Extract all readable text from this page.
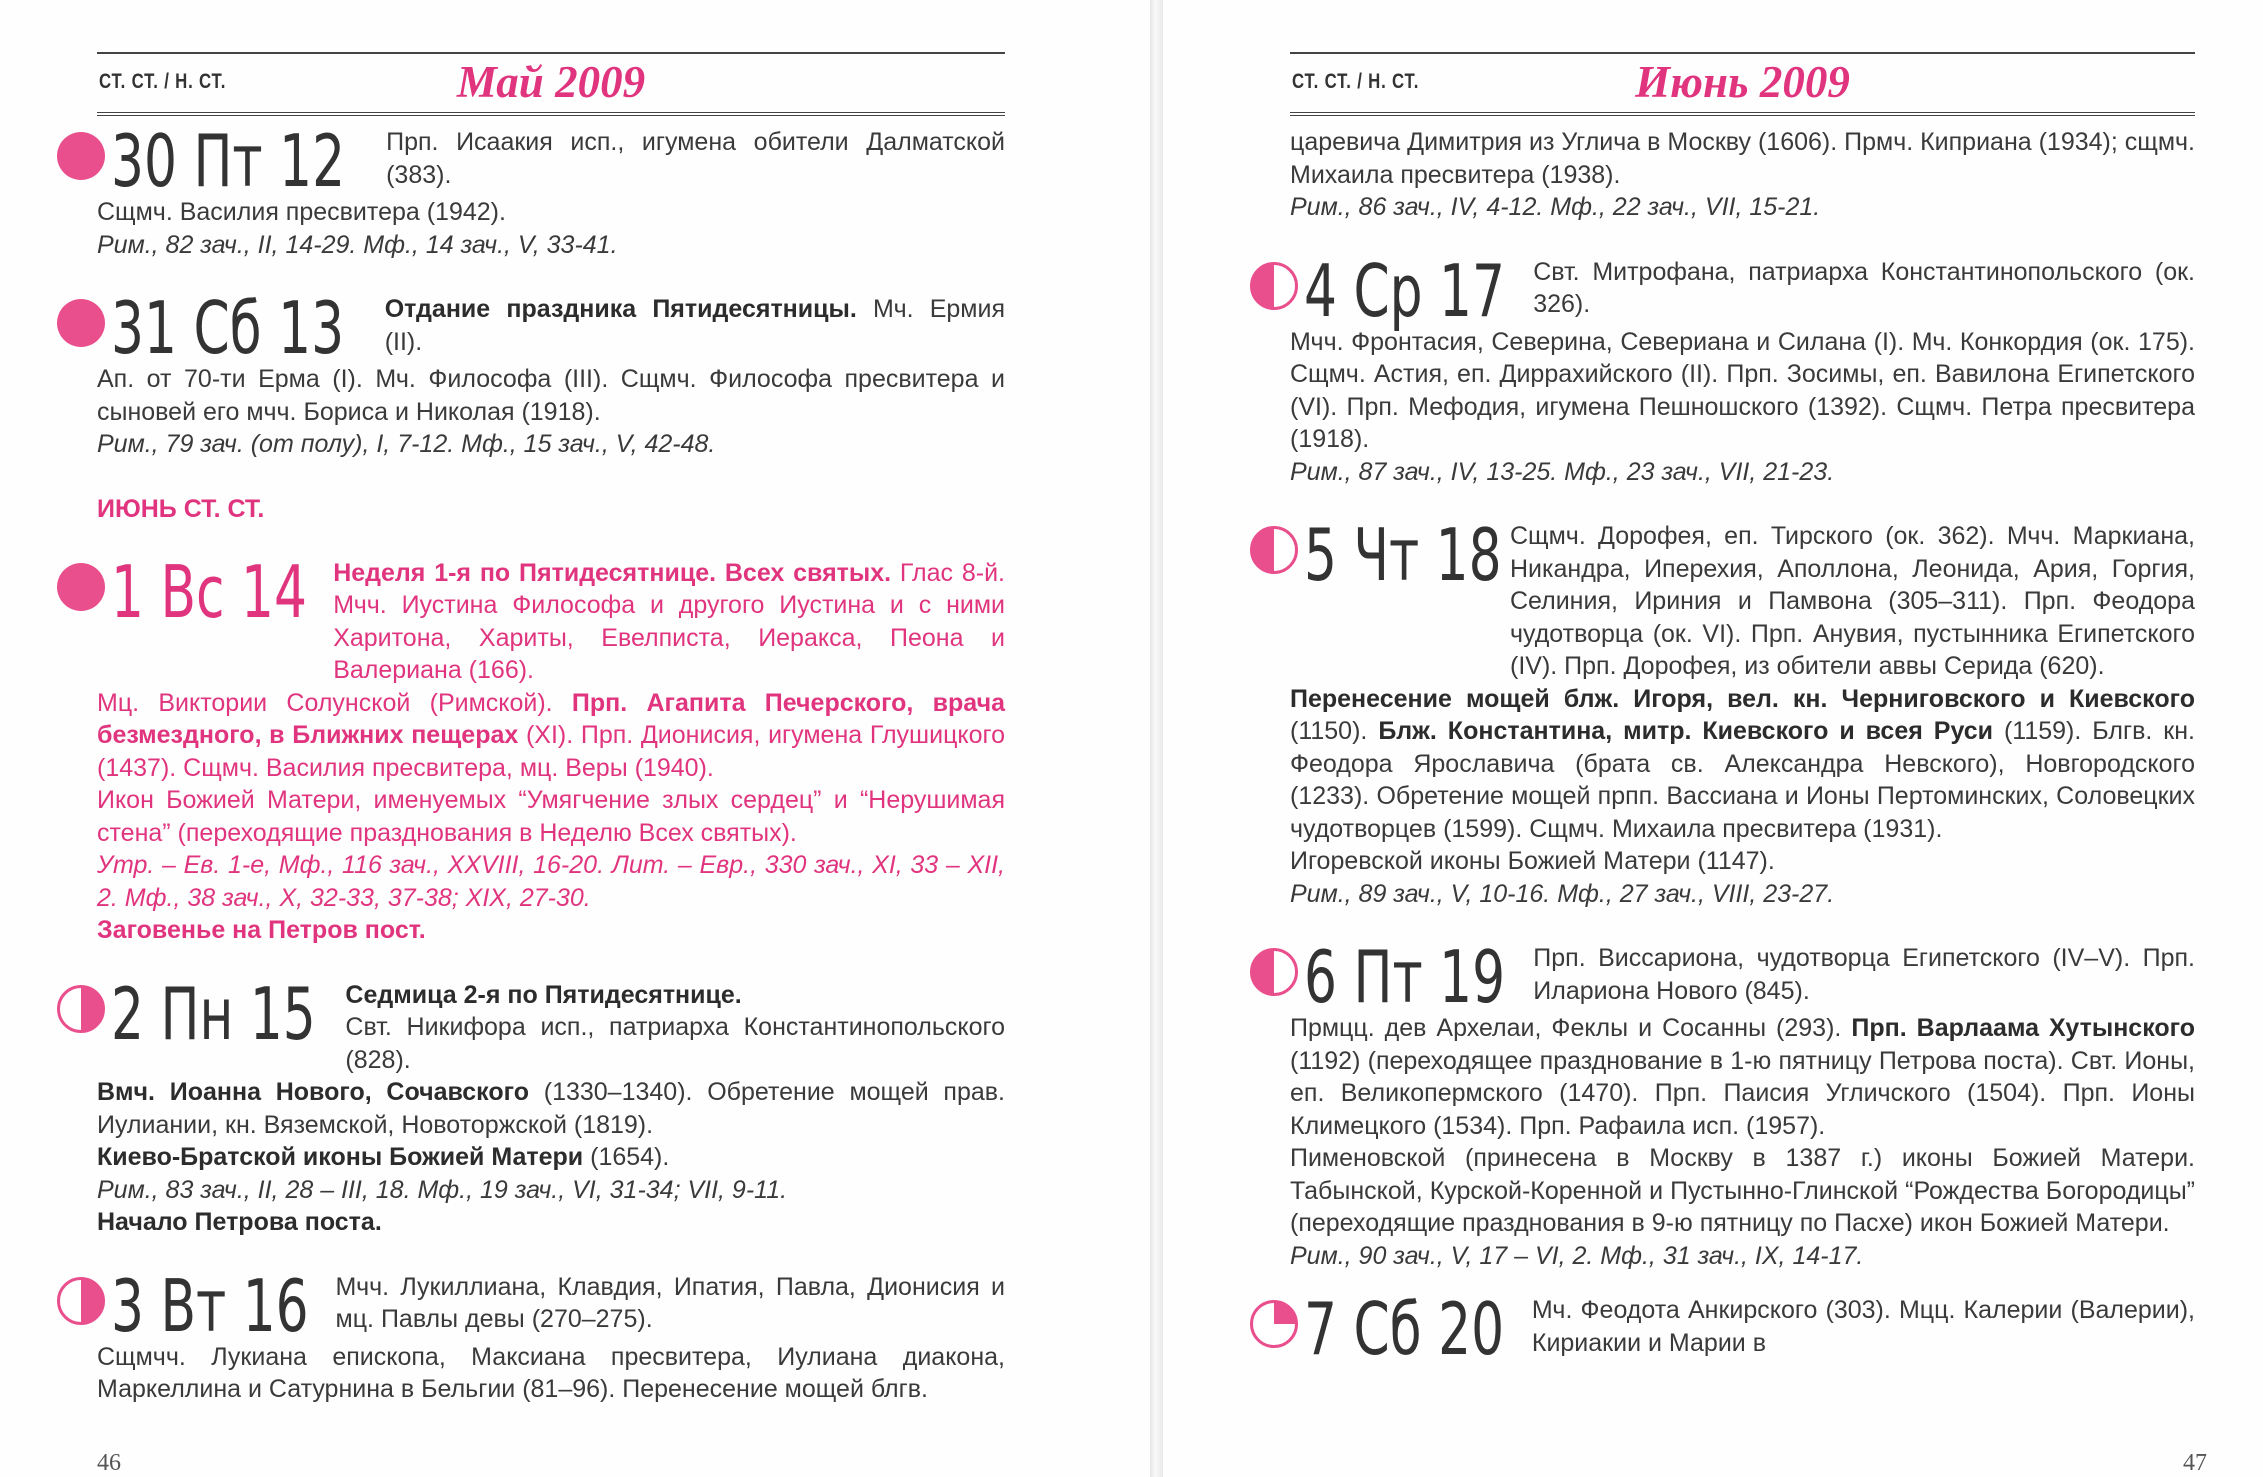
СТ. СТ. / Н. СТ.	Май 2009
30 Пт 12 Прп. Исаакия исп., игумена обители Далматской (383).

Сщмч. Василия пресвитера (1942).

Рим., 82 зач., II, 14-29. Мф., 14 зач., V, 33-41.

31 Сб 13 Отдание праздника Пятидесятницы. Мч. Ермия (II).

Ап. от 70-ти Ерма (I). Мч. Философа (III). Сщмч. Философа пресвитера и сыновей его мчч. Бориса и Николая (1918).

Рим., 79 зач. (от полу), I, 7-12. Мф., 15 зач., V, 42-48.

ИЮНЬ СТ. СТ.
1 Вс 14 Неделя 1-я по Пятидесятнице. Всех святых. Глас 8-й. Мчч. Иустина Философа и другого Иустина и с ними Харитона, Хариты, Евелписта, Иеракса, Пеона и Валериана (166).

Мц. Виктории Солунской (Римской). Прп. Агапита Печерского, врача безмездного, в Ближних пещерах (XI). Прп. Дионисия, игумена Глушицкого (1437). Сщмч. Василия пресвитера, мц. Веры (1940).

Икон Божией Матери, именуемых “Умягчение злых сердец” и “Нерушимая стена” (переходящие празднования в Неделю Всех святых).

Утр. – Ев. 1-е, Мф., 116 зач., XXVIII, 16-20. Лит. – Евр., 330 зач., XI, 33 – XII, 2. Мф., 38 зач., X, 32-33, 37-38; XIX, 27-30.

Заговенье на Петров пост.

2 Пн 15 Седмица 2-я по Пятидесятнице.

Свт. Никифора исп., патриарха Константинопольского (828).

Вмч. Иоанна Нового, Сочавского (1330–1340). Обретение мощей прав. Иулиании, кн. Вяземской, Новоторжской (1819).

Киево-Братской иконы Божией Матери (1654).

Рим., 83 зач., II, 28 – III, 18. Мф., 19 зач., VI, 31-34; VII, 9-11.

Начало Петрова поста.

3 Вт 16 Мчч. Лукиллиана, Клавдия, Ипатия, Павла, Дионисия и мц. Павлы девы (270–275).

Сщмчч. Лукиана епископа, Максиана пресвитера, Иулиана диакона, Маркеллина и Сатурнина в Бельгии (81–96). Перенесение мощей блгв.

46
СТ. СТ. / Н. СТ.	Июнь 2009

царевича Димитрия из Углича в Москву (1606). Прмч. Киприана (1934); сщмч. Михаила пресвитера (1938).

Рим., 86 зач., IV, 4-12. Мф., 22 зач., VII, 15-21.

4 Ср 17 Свт. Митрофана, патриарха Константинопольского (ок. 326).

Мчч. Фронтасия, Северина, Севериана и Силана (I). Мч. Конкордия (ок. 175). Сщмч. Астия, еп. Диррахийского (II). Прп. Зосимы, еп. Вавилона Египетского (VI). Прп. Мефодия, игумена Пешношского (1392). Сщмч. Петра пресвитера (1918).

Рим., 87 зач., IV, 13-25. Мф., 23 зач., VII, 21-23.

5 Чт 18 Сщмч. Дорофея, еп. Тирского (ок. 362). Мчч. Маркиана, Никандра, Иперехия, Аполлона, Леонида, Ария, Горгия, Селиния, Ириния и Памвона (305–311). Прп. Феодора чудотворца (ок. VI). Прп. Анувия, пустынника Египетского (IV). Прп. Дорофея, из обители аввы Серида (620).

Перенесение мощей блж. Игоря, вел. кн. Черниговского и Киевского (1150). Блж. Константина, митр. Киевского и всея Руси (1159). Блгв. кн. Феодора Ярославича (брата св. Александра Невского), Новгородского (1233). Обретение мощей прпп. Вассиана и Ионы Пертоминских, Соловецких чудотворцев (1599). Сщмч. Михаила пресвитера (1931).

Игоревской иконы Божией Матери (1147).

Рим., 89 зач., V, 10-16. Мф., 27 зач., VIII, 23-27.

6 Пт 19 Прп. Виссариона, чудотворца Египетского (IV–V). Прп. Илариона Нового (845).

Прмцц. дев Архелаи, Феклы и Сосанны (293). Прп. Варлаама Хутынского (1192) (переходящее празднование в 1-ю пятницу Петрова поста). Свт. Ионы, еп. Великопермского (1470). Прп. Паисия Угличского (1504). Прп. Ионы Климецкого (1534). Прп. Рафаила исп. (1957).

Пименовской (принесена в Москву в 1387 г.) иконы Божией Матери. Табынской, Курской-Коренной и Пустынно-Глинской “Рождества Богородицы” (переходящие празднования в 9-ю пятницу по Пасхе) икон Божией Матери.

Рим., 90 зач., V, 17 – VI, 2. Мф., 31 зач., IX, 14-17.

7 Сб 20 Мч. Феодота Анкирского (303). Мцц. Калерии (Валерии), Кириакии и Марии в

47
